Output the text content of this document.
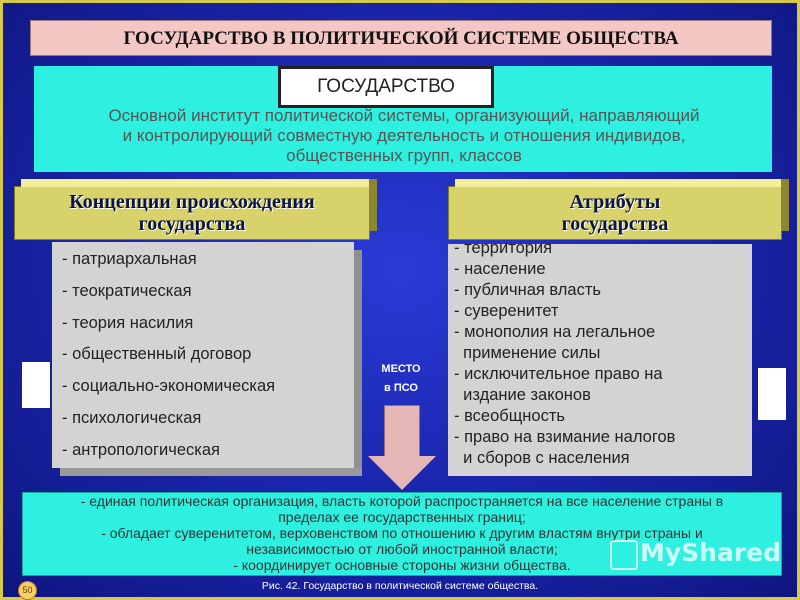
ГОСУДАРСТВО В ПОЛИТИЧЕСКОЙ СИСТЕМЕ ОБЩЕСТВА
ГОСУДАРСТВО
Основной институт политической системы, организующий, направляющий
и контролирующий совместную деятельность и отношения индивидов,
общественных групп, классов
Концепции происхождения
государства
- патриархальная
- теократическая
- теория насилия
- общественный договор
- социально-экономическая
- психологическая
- антропологическая
Атрибуты
государства
- территория
- население
- публичная власть
- суверенитет
- монополия на легальное
применение силы
- исключительное право на
издание законов
- всеобщность
- право на взимание налогов
и сборов с населения
МЕСТО
в ПСО
- единая политическая организация, власть которой распространяется на все население страны в
пределах ее государственных границ;
- обладает суверенитетом, верховенством по отношению к другим властям внутри страны и
независимостью от любой иностранной власти;
- координирует основные стороны жизни общества.	MyShared
Рис. 42. Государство в политической системе общества.
50
